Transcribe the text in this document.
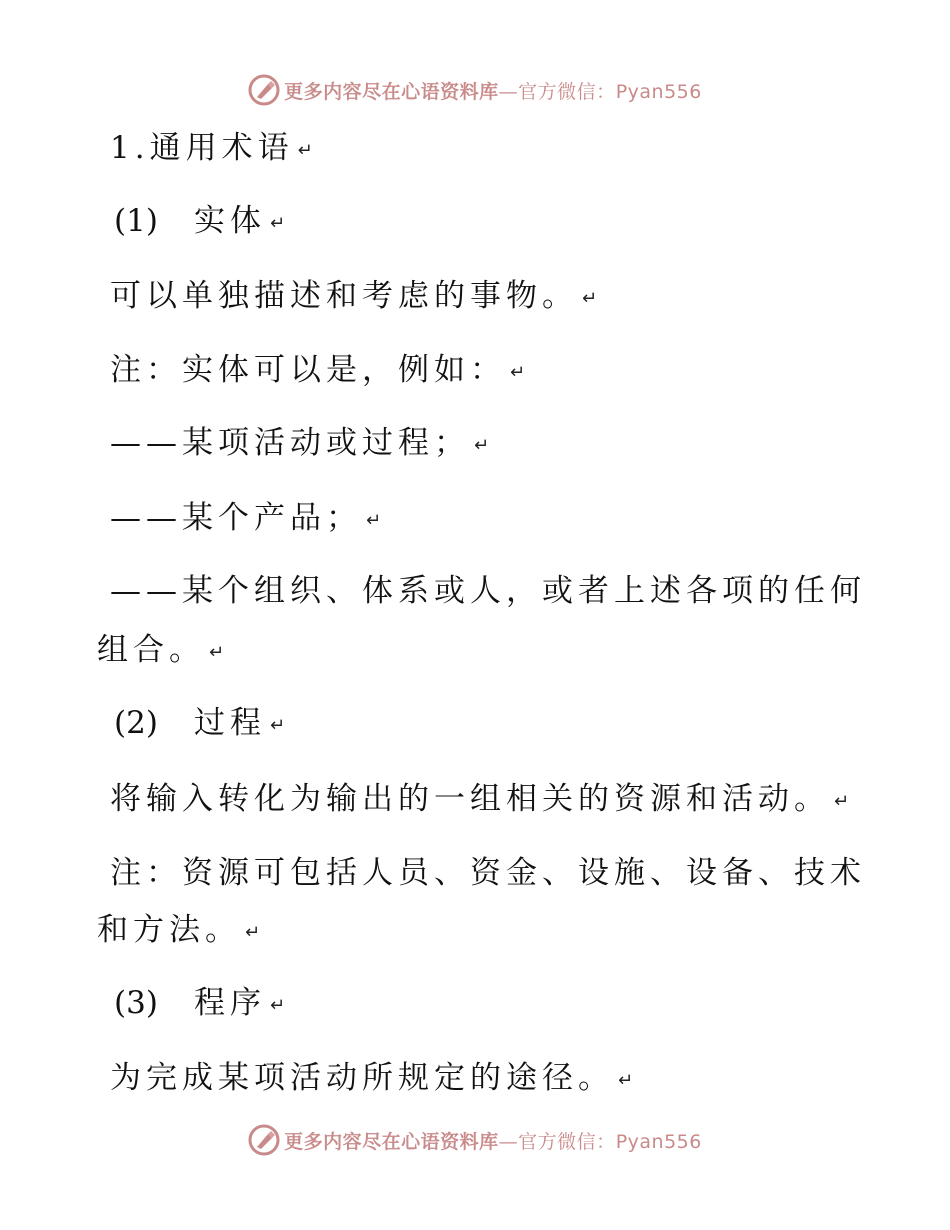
更多内容尽在心语资料库—官方微信：Pyan556
1.通用术语 ↵
(1) 实体 ↵
可以单独描述和考虑的事物。 ↵
注：实体可以是，例如： ↵
——某项活动或过程； ↵
——某个产品； ↵
——某个组织、体系或人，或者上述各项的任何
组合。 ↵
(2) 过程 ↵
将输入转化为输出的一组相关的资源和活动。 ↵
注：资源可包括人员、资金、设施、设备、技术
和方法。 ↵
(3) 程序 ↵
为完成某项活动所规定的途径。 ↵
更多内容尽在心语资料库—官方微信：Pyan556
